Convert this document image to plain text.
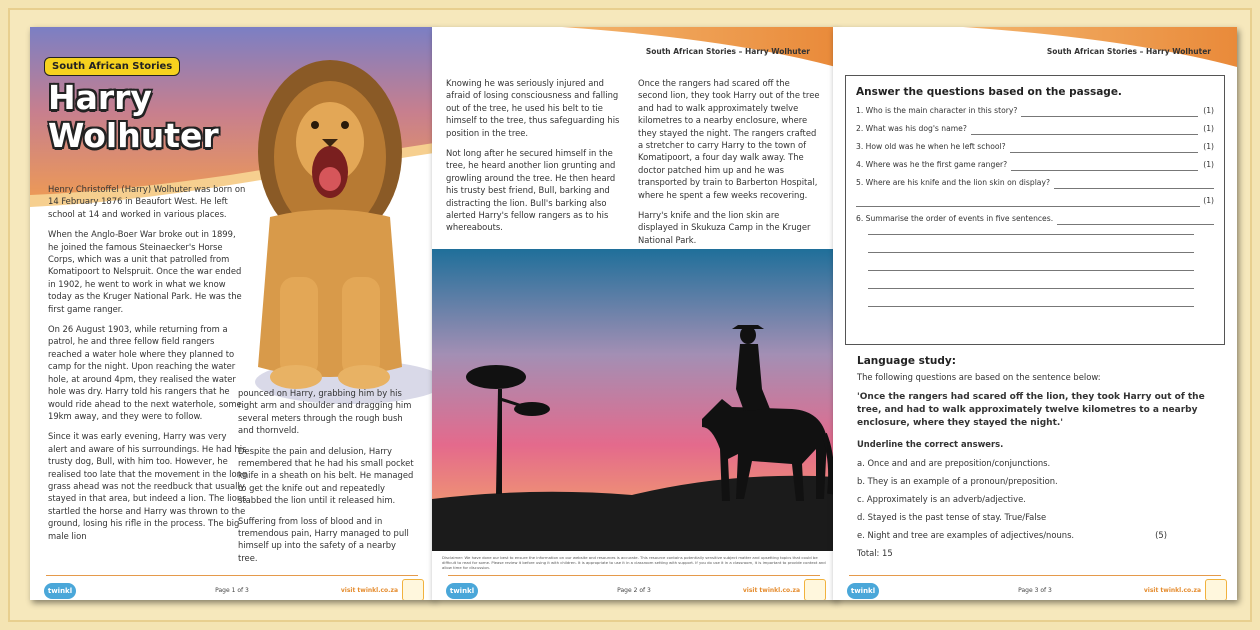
South African Stories
Harry
Wolhuter

Henry Christoffel (Harry) Wolhuter was born on 14 February 1876 in Beaufort West. He left school at 14 and worked in various places.

When the Anglo-Boer War broke out in 1899, he joined the famous Steinaecker's Horse Corps, which was a unit that patrolled from Komatipoort to Nelspruit. Once the war ended in 1902, he went to work in what we know today as the Kruger National Park. He was the first game ranger.

On 26 August 1903, while returning from a patrol, he and three fellow field rangers reached a water hole where they planned to camp for the night. Upon reaching the water hole, at around 4pm, they realised the water hole was dry. Harry told his rangers that he would ride ahead to the next waterhole, some 19km away, and they were to follow.

Since it was early evening, Harry was very alert and aware of his surroundings. He had his trusty dog, Bull, with him too. However, he realised too late that the movement in the long grass ahead was not the reedbuck that usually stayed in that area, but indeed a lion. The lions startled the horse and Harry was thrown to the ground, losing his rifle in the process. The big male lion

pounced on Harry, grabbing him by his right arm and shoulder and dragging him several meters through the rough bush and thornveld.

Despite the pain and delusion, Harry remembered that he had his small pocket knife in a sheath on his belt. He managed to get the knife out and repeatedly stabbed the lion until it released him.

Suffering from loss of blood and in tremendous pain, Harry managed to pull himself up into the safety of a nearby tree.

twinkl	Page 1 of 3	visit twinkl.co.za
South African Stories – Harry Wolhuter

Knowing he was seriously injured and afraid of losing consciousness and falling out of the tree, he used his belt to tie himself to the tree, thus safeguarding his position in the tree.

Not long after he secured himself in the tree, he heard another lion grunting and growling around the tree. He then heard his trusty best friend, Bull, barking and distracting the lion. Bull's barking also alerted Harry's fellow rangers as to his whereabouts.

Once the rangers had scared off the second lion, they took Harry out of the tree and had to walk approximately twelve kilometres to a nearby enclosure, where they stayed the night. The rangers crafted a stretcher to carry Harry to the town of Komatipoort, a four day walk away. The doctor patched him up and he was transported by train to Barberton Hospital, where he spent a few weeks recovering.

Harry's knife and the lion skin are displayed in Skukuza Camp in the Kruger National Park.

Disclaimer: We have done our best to ensure the information on our website and resources is accurate. This resource contains potentially sensitive subject matter and upsetting topics that could be difficult to read for some. Please review it before using it with children. It is appropriate to use it in a classroom setting with support. If you do use it in a classroom, it is important to provide context and allow time for discussion.
twinkl	Page 2 of 3	visit twinkl.co.za
South African Stories – Harry Wolhuter
Answer the questions based on the passage.
1. Who is the main character in this story?	(1)
2. What was his dog's name?	(1)
3. How old was he when he left school?	(1)
4. Where was he the first game ranger?	(1)
5. Where are his knife and the lion skin on display?
(1)
6. Summarise the order of events in five sentences.
Language study:
The following questions are based on the sentence below:
'Once the rangers had scared off the lion, they took Harry out of the tree, and had to walk approximately twelve kilometres to a nearby enclosure, where they stayed the night.'
Underline the correct answers.
a. Once and and are preposition/conjunctions.
b. They is an example of a pronoun/preposition.
c. Approximately is an adverb/adjective.
d. Stayed is the past tense of stay. True/False
e. Night and tree are examples of adjectives/nouns.	(5)
Total: 15
twinkl	Page 3 of 3	visit twinkl.co.za
